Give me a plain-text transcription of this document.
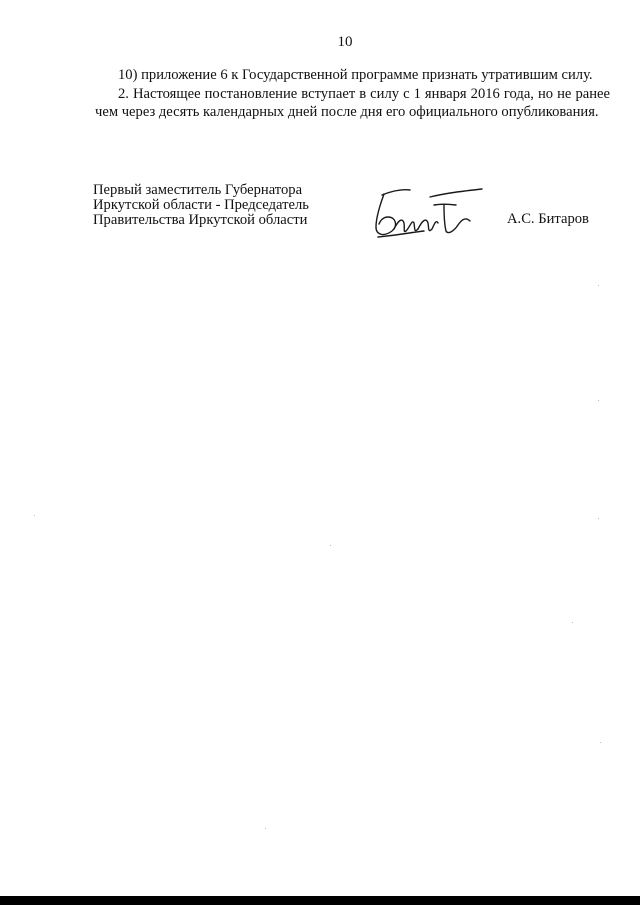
10

10) приложение 6 к Государственной программе признать утратившим силу.

2. Настоящее постановление вступает в силу с 1 января 2016 года, но не ранее чем через десять календарных дней после дня его официального опубликования.

Первый заместитель Губернатора
Иркутской области - Председатель
Правительства Иркутской области	А.С. Битаров
